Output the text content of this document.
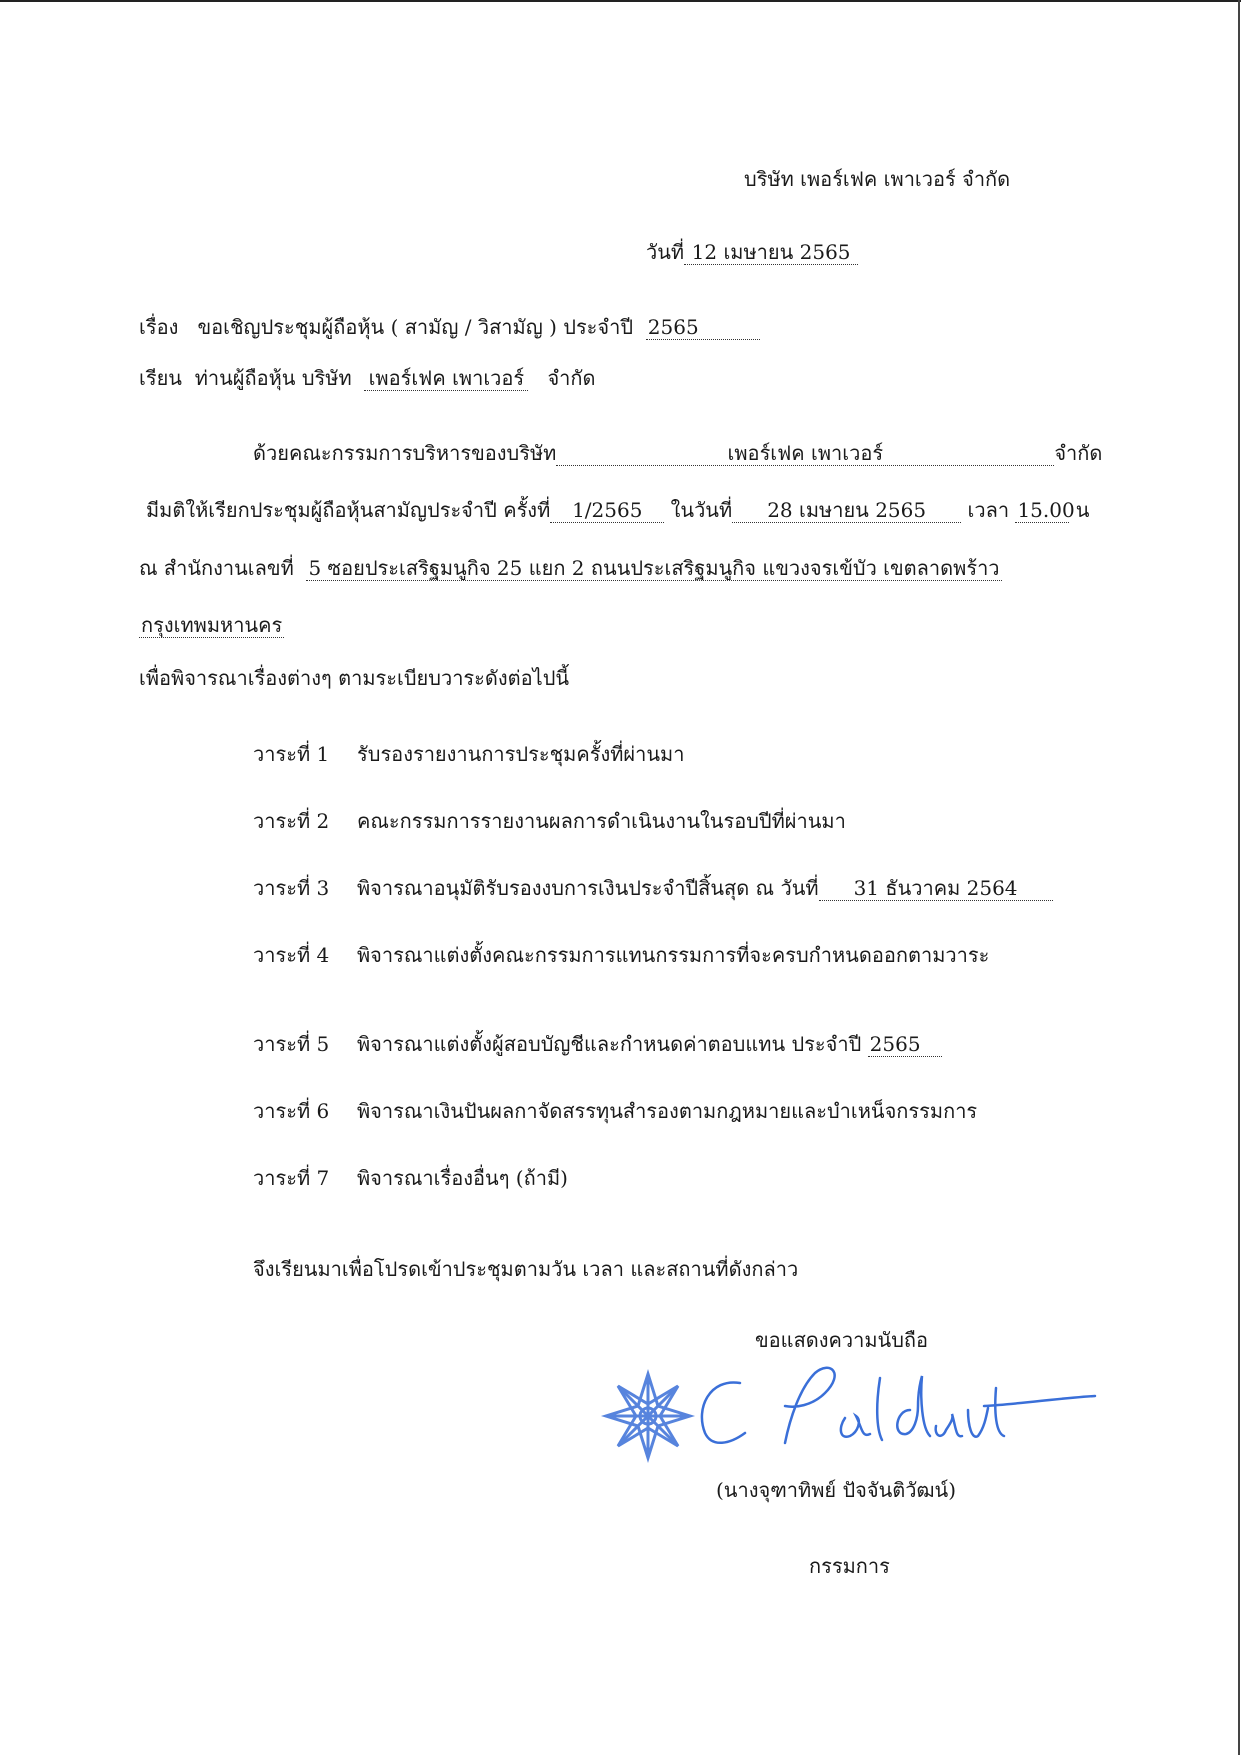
บริษัท เพอร์เฟค เพาเวอร์ จำกัด
วันที่ 12 เมษายน 2565
เรื่อง ขอเชิญประชุมผู้ถือหุ้น ( สามัญ / วิสามัญ ) ประจำปี 2565
เรียน ท่านผู้ถือหุ้น บริษัท เพอร์เฟค เพาเวอร์ จำกัด
ด้วยคณะกรรมการบริหารของบริษัท	เพอร์เฟค เพาเวอร์	จำกัด
มีมติให้เรียกประชุมผู้ถือหุ้นสามัญประจำปี ครั้งที่ 1/2565 ในวันที่ 28 เมษายน 2565 เวลา 15.00 น
ณ สำนักงานเลขที่ 5 ซอยประเสริฐมนูกิจ 25 แยก 2 ถนนประเสริฐมนูกิจ แขวงจรเข้บัว เขตลาดพร้าว
กรุงเทพมหานคร
เพื่อพิจารณาเรื่องต่างๆ ตามระเบียบวาระดังต่อไปนี้
วาระที่ 1 รับรองรายงานการประชุมครั้งที่ผ่านมา
วาระที่ 2 คณะกรรมการรายงานผลการดำเนินงานในรอบปีที่ผ่านมา
วาระที่ 3 พิจารณาอนุมัติรับรองงบการเงินประจำปีสิ้นสุด ณ วันที่ 31 ธันวาคม 2564
วาระที่ 4 พิจารณาแต่งตั้งคณะกรรมการแทนกรรมการที่จะครบกำหนดออกตามวาระ
วาระที่ 5 พิจารณาแต่งตั้งผู้สอบบัญชีและกำหนดค่าตอบแทน ประจำปี 2565
วาระที่ 6 พิจารณาเงินปันผลกาจัดสรรทุนสำรองตามกฎหมายและบำเหน็จกรรมการ
วาระที่ 7 พิจารณาเรื่องอื่นๆ (ถ้ามี)
จึงเรียนมาเพื่อโปรดเข้าประชุมตามวัน เวลา และสถานที่ดังกล่าว
ขอแสดงความนับถือ
(นางจุฑาทิพย์ ปัจจันติวัฒน์)
กรรมการ
